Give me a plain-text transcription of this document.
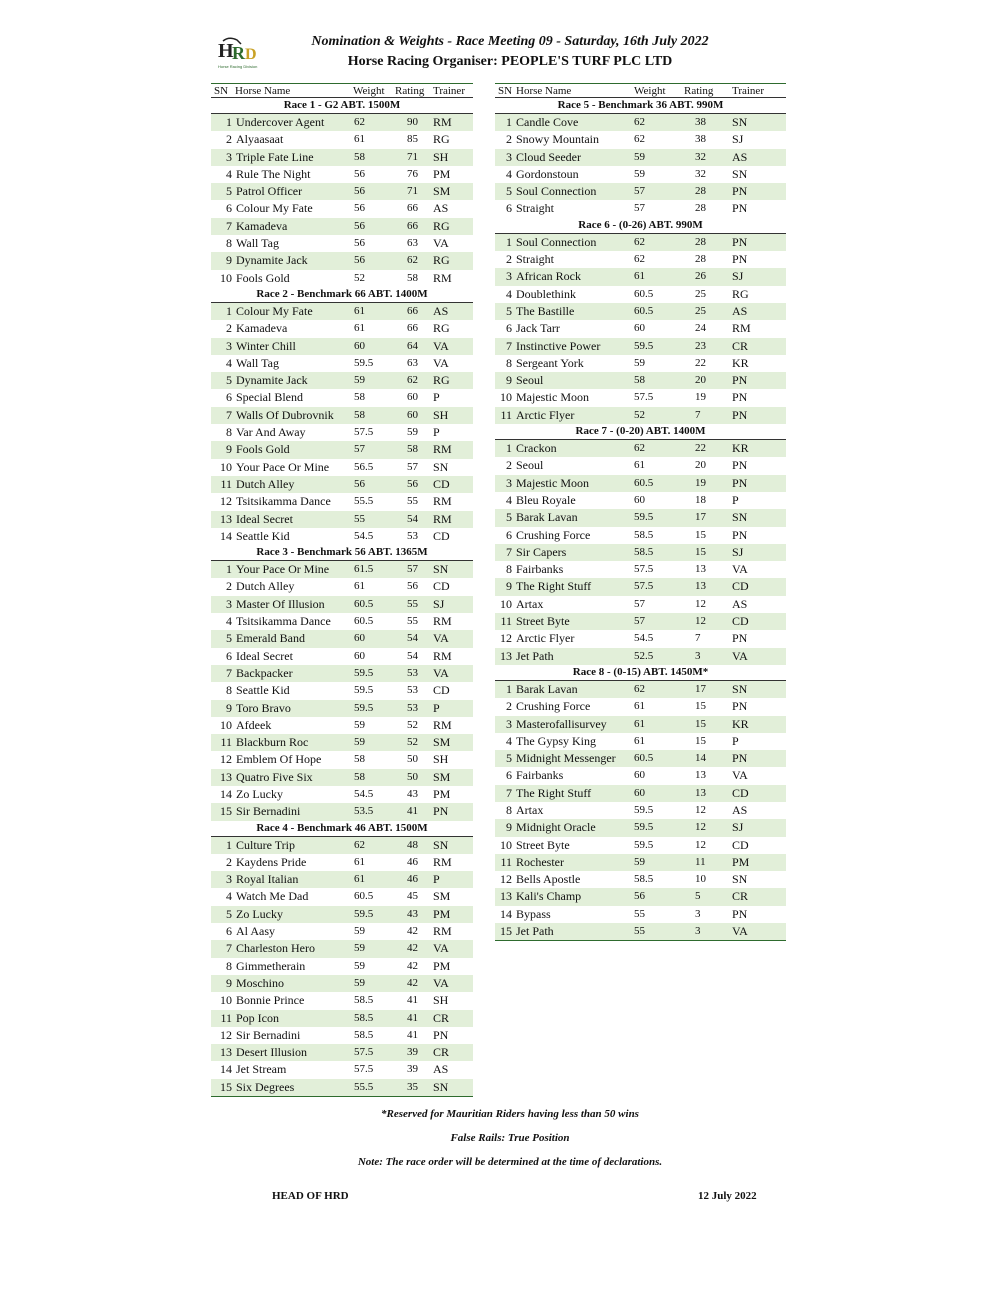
H
R D
Horse Racing Division
Nomination & Weights - Race Meeting 09 - Saturday, 16th July 2022
Horse Racing Organiser: PEOPLE'S TURF PLC LTD
SN Horse Name	Weight Rating Trainer
Race 1 - G2 ABT. 1500M
1 Undercover Agent	62	90 RM
2 Alyaasaat	61	85 RG
3 Triple Fate Line	58	71 SH
4 Rule The Night	56	76 PM
5 Patrol Officer	56	71 SM
6 Colour My Fate	56	66 AS
7 Kamadeva	56	66 RG
8 Wall Tag	56	63 VA
9 Dynamite Jack	56	62 RG
10 Fools Gold	52	58 RM
Race 2 - Benchmark 66 ABT. 1400M
1 Colour My Fate	61	66 AS
2 Kamadeva	61	66 RG
3 Winter Chill	60	64 VA
4 Wall Tag	59.5	63 VA
5 Dynamite Jack	59	62 RG
6 Special Blend	58	60 P
7 Walls Of Dubrovnik 58	60 SH
8 Var And Away	57.5	59 P
9 Fools Gold	57	58 RM
10 Your Pace Or Mine 56.5	57 SN
11 Dutch Alley	56	56 CD
12 Tsitsikamma Dance 55.5	55 RM
13 Ideal Secret	55	54 RM
14 Seattle Kid	54.5	53 CD
Race 3 - Benchmark 56 ABT. 1365M
1 Your Pace Or Mine 61.5	57 SN
2 Dutch Alley	61	56 CD
3 Master Of Illusion	60.5	55 SJ
4 Tsitsikamma Dance 60.5	55 RM
5 Emerald Band	60	54 VA
6 Ideal Secret	60	54 RM
7 Backpacker	59.5	53 VA
8 Seattle Kid	59.5	53 CD
9 Toro Bravo	59.5	53 P
10 Afdeek	59	52 RM
11 Blackburn Roc	59	52 SM
12 Emblem Of Hope	58	50 SH
13 Quatro Five Six	58	50 SM
14 Zo Lucky	54.5	43 PM
15 Sir Bernadini	53.5	41 PN
Race 4 - Benchmark 46 ABT. 1500M
1 Culture Trip	62	48 SN
2 Kaydens Pride	61	46 RM
3 Royal Italian	61	46 P
4 Watch Me Dad	60.5	45 SM
5 Zo Lucky	59.5	43 PM
6 Al Aasy	59	42 RM
7 Charleston Hero	59	42 VA
8 Gimmetherain	59	42 PM
9 Moschino	59	42 VA
10 Bonnie Prince	58.5	41 SH
11 Pop Icon	58.5	41 CR
12 Sir Bernadini	58.5	41 PN
13 Desert Illusion	57.5	39 CR
14 Jet Stream	57.5	39 AS
15 Six Degrees	55.5	35 SN
SN Horse Name	Weight Rating Trainer
Race 5 - Benchmark 36 ABT. 990M
1 Candle Cove	62	38 SN
2 Snowy Mountain	62	38 SJ
3 Cloud Seeder	59	32 AS
4 Gordonstoun	59	32 SN
5 Soul Connection	57	28 PN
6 Straight	57	28 PN
Race 6 - (0-26) ABT. 990M
1 Soul Connection	62	28 PN
2 Straight	62	28 PN
3 African Rock	61	26 SJ
4 Doublethink	60.5	25 RG
5 The Bastille	60.5	25 AS
6 Jack Tarr	60	24 RM
7 Instinctive Power	59.5	23 CR
8 Sergeant York	59	22 KR
9 Seoul	58	20 PN
10 Majestic Moon	57.5	19 PN
11 Arctic Flyer	52	7	PN
Race 7 - (0-20) ABT. 1400M
1 Crackon	62	22 KR
2 Seoul	61	20 PN
3 Majestic Moon	60.5	19 PN
4 Bleu Royale	60	18 P
5 Barak Lavan	59.5	17 SN
6 Crushing Force	58.5	15 PN
7 Sir Capers	58.5	15 SJ
8 Fairbanks	57.5	13 VA
9 The Right Stuff	57.5	13 CD
10 Artax	57	12 AS
11 Street Byte	57	12 CD
12 Arctic Flyer	54.5	7	PN
13 Jet Path	52.5	3	VA
Race 8 - (0-15) ABT. 1450M*
1 Barak Lavan	62	17 SN
2 Crushing Force	61	15 PN
3 Masterofallisurvey 61	15 KR
4 The Gypsy King	61	15 P
5 Midnight Messenger 60.5	14 PN
6 Fairbanks	60	13 VA
7 The Right Stuff	60	13 CD
8 Artax	59.5	12 AS
9 Midnight Oracle	59.5	12 SJ
10 Street Byte	59.5	12 CD
11 Rochester	59	11 PM
12 Bells Apostle	58.5	10 SN
13 Kali's Champ	56	5	CR
14 Bypass	55	3	PN
15 Jet Path	55	3	VA
*Reserved for Mauritian Riders having less than 50 wins
False Rails: True Position
Note: The race order will be determined at the time of declarations.
HEAD OF HRD	12 July 2022
